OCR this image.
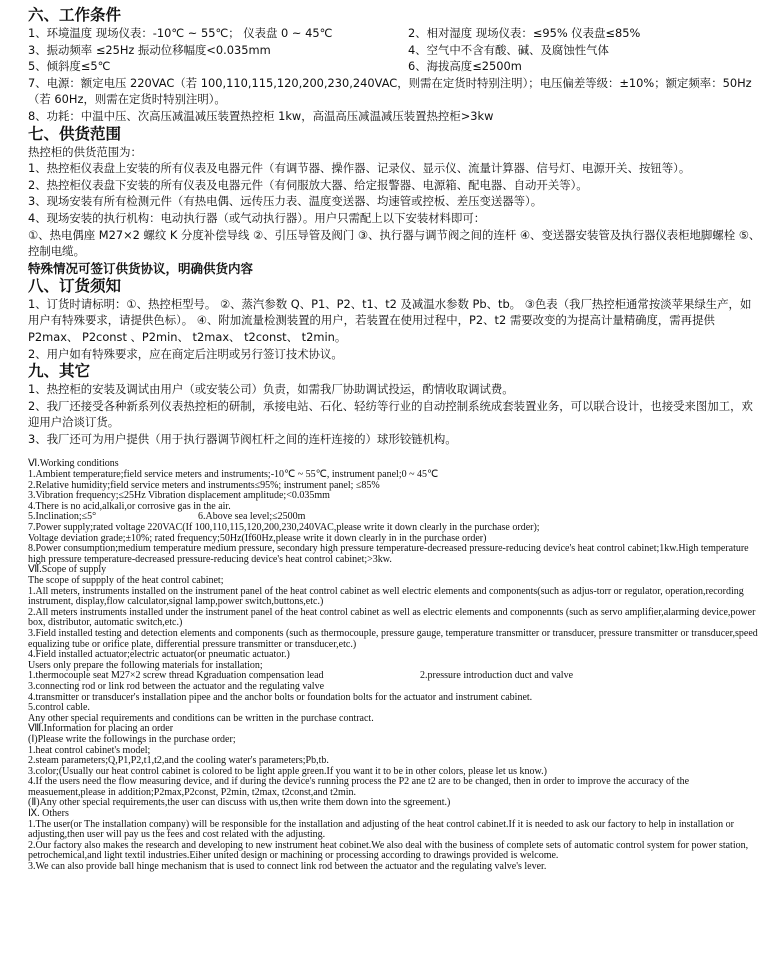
六、工作条件
1、环境温度 现场仪表：-10℃ ~ 55℃； 仪表盘 0 ~ 45℃	2、相对湿度 现场仪表：≤95% 仪表盘≤85%
3、振动频率 ≤25Hz 振动位移幅度<0.035mm	4、空气中不含有酸、碱、及腐蚀性气体
5、倾斜度≤5℃	6、海拔高度≤2500m

7、电源：额定电压 220VAC（若 100,110,115,120,200,230,240VAC，则需在定货时特别注明）；电压偏差等级：±10%；额定频率：50Hz（若 60Hz，则需在定货时特别注明）。

8、功耗：中温中压、次高压减温减压装置热控柜 1kw，高温高压减温减压装置热控柜>3kw

七、供货范围

热控柜的供货范围为：

1、热控柜仪表盘上安装的所有仪表及电器元件（有调节器、操作器、记录仪、显示仪、流量计算器、信号灯、电源开关、按钮等）。

2、热控柜仪表盘下安装的所有仪表及电器元件（有伺服放大器、给定报警器、电源箱、配电器、自动开关等）。

3、现场安装有所有检测元件（有热电偶、远传压力表、温度变送器、均速管或控板、差压变送器等）。

4、现场安装的执行机构：电动执行器（或气动执行器）。用户只需配上以下安装材料即可：

①、热电偶座 M27×2 螺纹 K 分度补偿导线 ②、引压导管及阀门 ③、执行器与调节阀之间的连杆 ④、变送器安装管及执行器仪表柜地脚螺栓 ⑤、控制电缆。

特殊情况可签订供货协议，明确供货内容

八、订货须知

1、订货时请标明：①、热控柜型号。 ②、蒸汽参数 Q、P1、P2、t1、t2 及减温水参数 Pb、tb。 ③色表（我厂热控柜通常按淡苹果绿生产，如用户有特殊要求，请提供色标）。 ④、附加流量检测装置的用户，若装置在使用过程中，P2、t2 需要改变的为提高计量精确度，需再提供 P2max、 P2const 、P2min、 t2max、 t2const、 t2min。

2、用户如有特殊要求，应在商定后注明或另行签订技术协议。

九、其它

1、热控柜的安装及调试由用户（或安装公司）负责，如需我厂协助调试投运，酌情收取调试费。

2、我厂还接受各种新系列仪表热控柜的研制，承接电站、石化、轻纺等行业的自动控制系统成套装置业务，可以联合设计，也接受来图加工，欢迎用户洽谈订货。

3、我厂还可为用户提供（用于执行器调节阀杠杆之间的连杆连接的）球形铰链机构。

Ⅵ.Working conditions

1.Ambient temperature;field service meters and instruments;-10℃ ~ 55℃, instrument panel;0 ~ 45℃

2.Relative humidity;field service meters and instruments≤95%; instrument panel; ≤85%

3.Vibration frequency;≤25Hz Vibration displacement amplitude;<0.035mm

4.There is no acid,alkali,or corrosive gas in the air.

5.Inclination;≤5°	6.Above sea level;≤2500m

7.Power supply;rated voltage 220VAC(If 100,110,115,120,200,230,240VAC,please write it down clearly in the purchase order);

Voltage deviation grade;±10%; rated frequency;50Hz(If60Hz,please write it down clearly in in the purchase order)

8.Power consumption;medium temperature medium pressure, secondary high pressure temperature-decreased pressure-reducing device's heat control cabinet;1kw.High temperature high pressure temperature-decreased pressure-reducing device's heat control cabinet;>3kw.

Ⅶ.Scope of supply

The scope of suppply of the heat control cabinet;

1.All meters, instruments installed on the instrument panel of the heat control cabinet as well electric elements and components(such as adjus-torr or regulator, operation,recording instrument, display,flow calculator,signal lamp,power switch,buttons,etc.)

2.All meters instruments installed under the instrument panel of the heat control cabinet as well as electric elements and componennts (such as servo amplifier,alarming device,power box, distributor, automatic switch,etc.)

3.Field installed testing and detection elements and components (such as thermocouple, pressure gauge, temperature transmitter or transducer, pressure transmitter or transducer,speed equalizing tube or orifice plate, differential pressure transmitter or transducer,etc.)

4.Field installed actuator;electric actuator(or pneumatic actuator.)

Users only prepare the following materials for installation;

1.thermocouple seat M27×2 screw thread Kgraduation compensation lead	2.pressure introduction duct and valve

3.connecting rod or link rod between the actuator and the regulating valve

4.transmitter or transducer's installation pipee and the anchor bolts or foundation bolts for the actuator and instrument cabinet.

5.control cable.

Any other special requirements and conditions can be written in the purchase contract.

Ⅷ.Information for placing an order

(Ⅰ)Please write the followings in the purchase order;

1.heat control cabinet's model;

2.steam parameters;Q,P1,P2,t1,t2,and the cooling water's parameters;Pb,tb.

3.color;(Usually our heat control cabinet is colored to be light apple green.If you want it to be in other colors, please let us know.)

4.If the users need the flow measuring device, and if during the device's running process the P2 ane t2 are to be changed, then in order to improve the accuracy of the measuement,please in addition;P2max,P2const, P2min, t2max, t2const,and t2min.

(Ⅱ)Any other special requirements,the user can discuss with us,then write them down into the sgreement.)

Ⅸ. Others

1.The user(or The installation company) will be responsible for the installation and adjusting of the heat control cabinet.If it is needed to ask our factory to help in installation or adjusting,then user will pay us the fees and cost related with the adjusting.

2.Our factory also makes the research and developing to new instrument heat cobinet.We also deal with the business of complete sets of automatic control system for power station, petrochemical,and light textil industries.Eiher united design or machining or processing according to drawings provided is welcome.

3.We can also provide ball hinge mechanism that is used to connect link rod between the actuator and the regulating valve's lever.
